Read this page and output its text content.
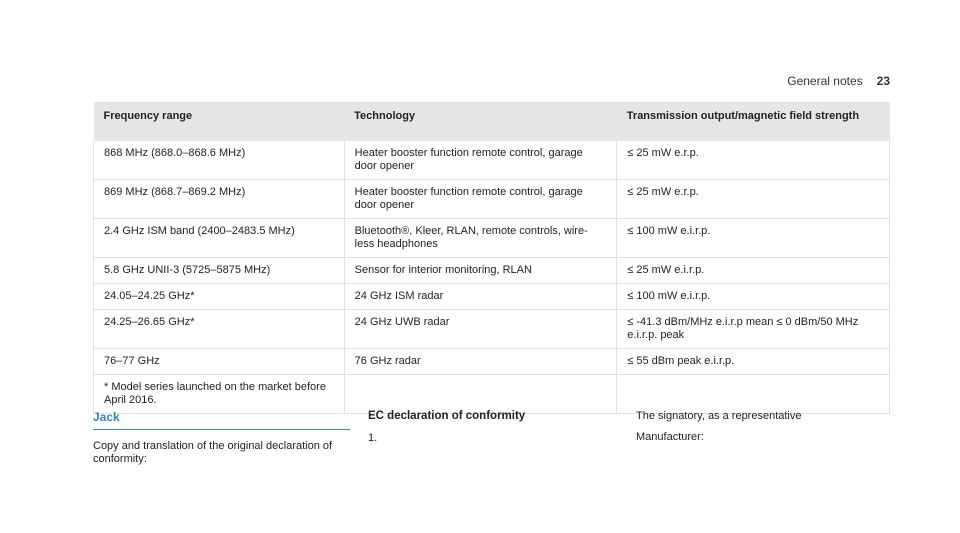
General notes 23
Frequency range	Technology	Transmission output/magnetic field strength
868 MHz (868.0–868.6 MHz)	Heater booster function remote control, garage door opener	≤ 25 mW e.r.p.
869 MHz (868.7–869.2 MHz)	Heater booster function remote control, garage door opener	≤ 25 mW e.r.p.
2.4 GHz ISM band (2400–2483.5 MHz)	Bluetooth®, Kleer, RLAN, remote controls, wire-less headphones	≤ 100 mW e.i.r.p.
5.8 GHz UNII-3 (5725–5875 MHz)	Sensor for interior monitoring, RLAN	≤ 25 mW e.i.r.p.
24.05–24.25 GHz*	24 GHz ISM radar	≤ 100 mW e.i.r.p.
24.25–26.65 GHz*	24 GHz UWB radar	≤ -41.3 dBm/MHz e.i.r.p mean ≤ 0 dBm/50 MHz e.i.r.p. peak
76–77 GHz	76 GHz radar	≤ 55 dBm peak e.i.r.p.
* Model series launched on the market before April 2016.		
Jack
Copy and translation of the original declaration of conformity:
EC declaration of conformity
1.

The signatory, as a representative

Manufacturer:
